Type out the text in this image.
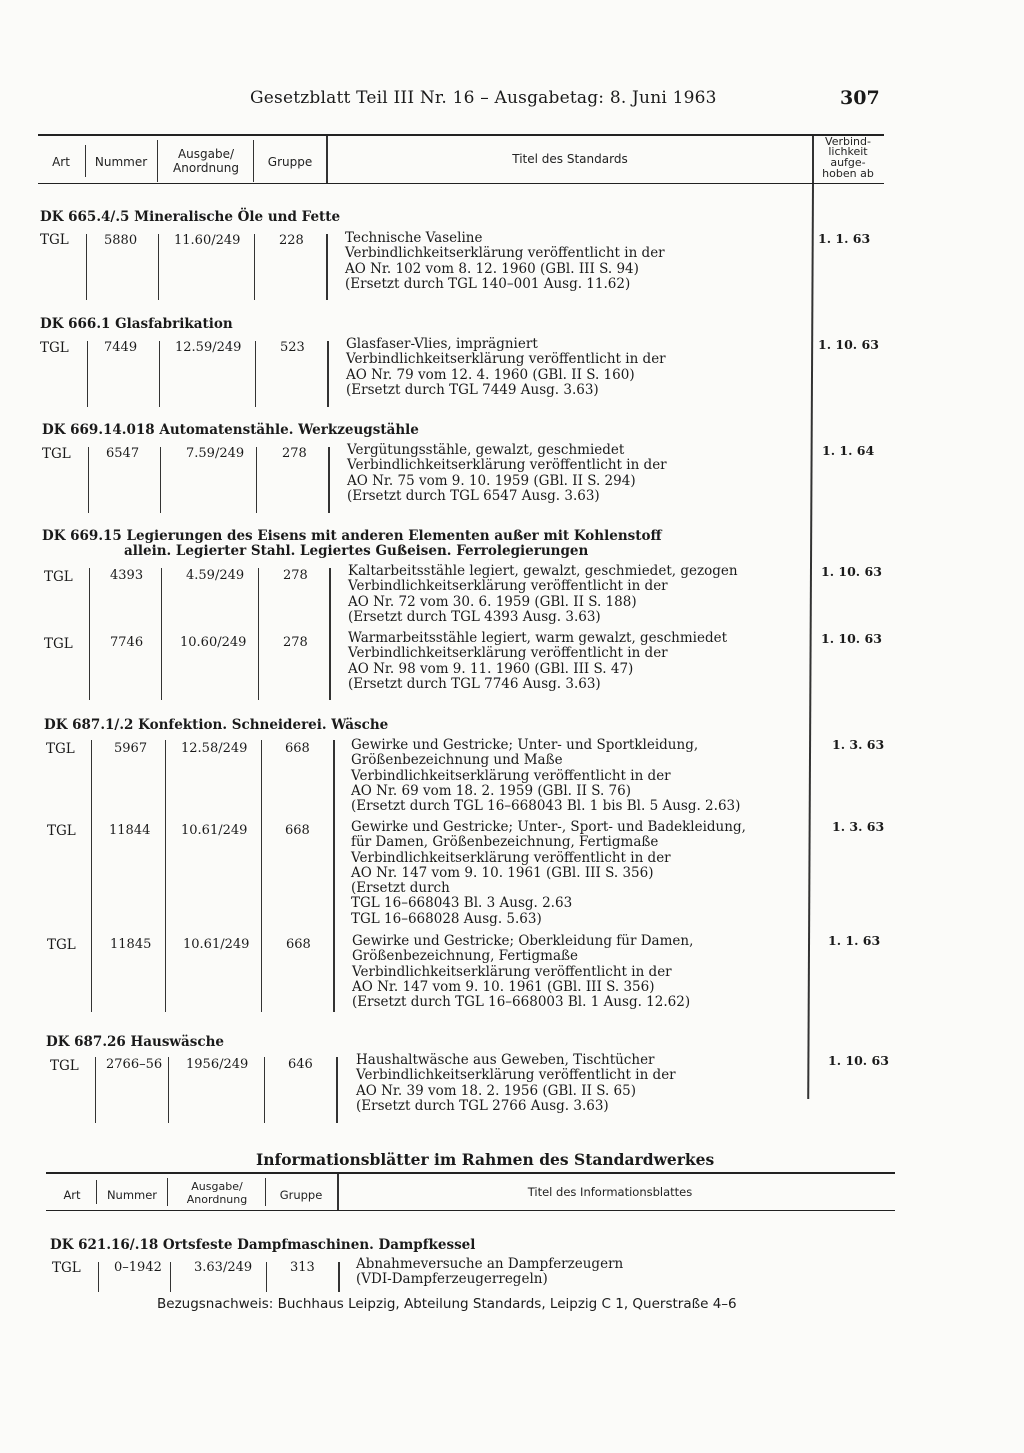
Gesetzblatt Teil III Nr. 16 – Ausgabetag: 8. Juni 1963	307
Art	Nummer
Ausgabe/
Anordnung	Gruppe	Titel des Standards
Verbind-
lichkeit
aufge-
hoben ab
DK 665.4/.5 Mineralische Öle und Fette
TGL	5880	11.60/249	228	Technische Vaseline
Verbindlichkeitserklärung veröffentlicht in der
AO Nr. 102 vom 8. 12. 1960 (GBl. III S. 94)
(Ersetzt durch TGL 140–001 Ausg. 11.62)
1. 1. 63
DK 666.1 Glasfabrikation
TGL	7449	12.59/249	523	Glasfaser-Vlies, imprägniert
Verbindlichkeitserklärung veröffentlicht in der
AO Nr. 79 vom 12. 4. 1960 (GBl. II S. 160)
(Ersetzt durch TGL 7449 Ausg. 3.63)
1. 10. 63
DK 669.14.018 Automatenstähle. Werkzeugstähle
TGL	6547	7.59/249	278	Vergütungsstähle, gewalzt, geschmiedet
Verbindlichkeitserklärung veröffentlicht in der
AO Nr. 75 vom 9. 10. 1959 (GBl. II S. 294)
(Ersetzt durch TGL 6547 Ausg. 3.63)
1. 1. 64
DK 669.15 Legierungen des Eisens mit anderen Elementen außer mit Kohlenstoff
allein. Legierter Stahl. Legiertes Gußeisen. Ferrolegierungen
TGL	4393	4.59/249	278	Kaltarbeitsstähle legiert, gewalzt, geschmiedet, gezogen
Verbindlichkeitserklärung veröffentlicht in der
AO Nr. 72 vom 30. 6. 1959 (GBl. II S. 188)
(Ersetzt durch TGL 4393 Ausg. 3.63)
1. 10. 63
TGL	7746	10.60/249	278	Warmarbeitsstähle legiert, warm gewalzt, geschmiedet
Verbindlichkeitserklärung veröffentlicht in der
AO Nr. 98 vom 9. 11. 1960 (GBl. III S. 47)
(Ersetzt durch TGL 7746 Ausg. 3.63)
1. 10. 63
DK 687.1/.2 Konfektion. Schneiderei. Wäsche
TGL	5967	12.58/249	668	Gewirke und Gestricke; Unter- und Sportkleidung,
Größenbezeichnung und Maße
Verbindlichkeitserklärung veröffentlicht in der
AO Nr. 69 vom 18. 2. 1959 (GBl. II S. 76)
(Ersetzt durch TGL 16–668043 Bl. 1 bis Bl. 5 Ausg. 2.63)
1. 3. 63
TGL	11844 10.61/249	668	Gewirke und Gestricke; Unter-, Sport- und Badekleidung,
für Damen, Größenbezeichnung, Fertigmaße
Verbindlichkeitserklärung veröffentlicht in der
AO Nr. 147 vom 9. 10. 1961 (GBl. III S. 356)
(Ersetzt durch
TGL 16–668043 Bl. 3 Ausg. 2.63
TGL 16–668028 Ausg. 5.63)
1. 3. 63
TGL	11845 10.61/249	668	Gewirke und Gestricke; Oberkleidung für Damen,
Größenbezeichnung, Fertigmaße
Verbindlichkeitserklärung veröffentlicht in der
AO Nr. 147 vom 9. 10. 1961 (GBl. III S. 356)
(Ersetzt durch TGL 16–668003 Bl. 1 Ausg. 12.62)
1. 1. 63
DK 687.26 Hauswäsche
TGL 2766–56 1956/249	646	Haushaltwäsche aus Geweben, Tischtücher
Verbindlichkeitserklärung veröffentlicht in der
AO Nr. 39 vom 18. 2. 1956 (GBl. II S. 65)
(Ersetzt durch TGL 2766 Ausg. 3.63)
1. 10. 63
Informationsblätter im Rahmen des Standardwerkes
Art	Nummer
Ausgabe/
Anordnung	Gruppe	Titel des Informationsblattes
DK 621.16/.18 Ortsfeste Dampfmaschinen. Dampfkessel
TGL	0–1942 3.63/249	313	Abnahmeversuche an Dampferzeugern
(VDI-Dampferzeugerregeln)
Bezugsnachweis: Buchhaus Leipzig, Abteilung Standards, Leipzig C 1, Querstraße 4–6
